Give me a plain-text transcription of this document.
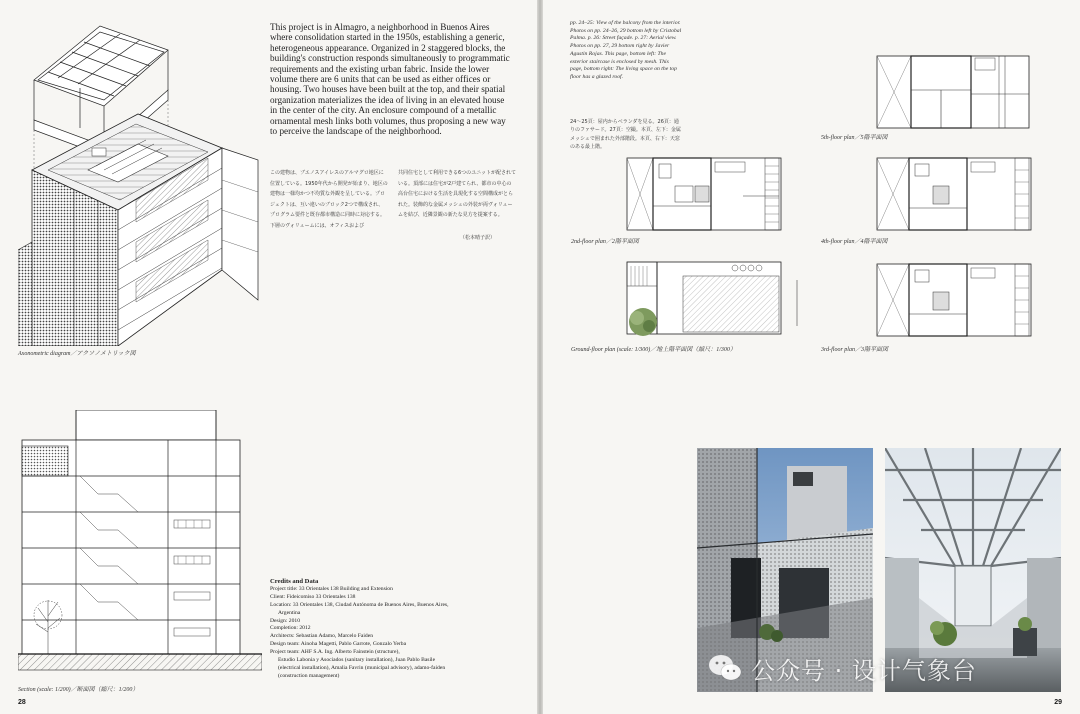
Axonometric diagram／アクソノメトリック図
This project is in Almagro, a neighborhood in Buenos Aires where consolidation started in the 1950s, establishing a generic, heterogeneous appearance. Organized in 2 staggered blocks, the building's construction responds simultaneously to programmatic requirements and the existing urban fabric. Inside the lower volume there are 6 units that can be used as either offices or housing. Two houses have been built at the top, and their spatial organization materializes the idea of living in an elevated house in the center of the city. An enclosure compound of a metallic ornamental mesh links both volumes, thus proposing a new way to perceive the landscape of the neighborhood.
この建物は、ブエノスアイレスのアルマグロ地区に位置している。1950年代から開発が始まり、地区の建物は一様均かつ不均質な外観を呈している。プロジェクトは、互い違いのブロック2つで構成され、プログラム要件と既存都市構造に同時に対応する。下層のヴォリュームには、オフィスおよび
共同住宅として利用できる6つのユニットが配されている。頂部には住宅が2戸建てられ、都市の中心の高台住宅における生活を具現化する空間構成がとられた。装飾的な金属メッシュの外装が両ヴォリュームを結び、近隣景観の新たな見方を提案する。
（松本晴子訳）
Section (scale: 1/200)／断面図（縮尺：1/200）
Credits and Data
Project title: 33 Orientales 138 Building and Extension
Client: Fideicomiso 33 Orientales 138
Location: 33 Orientales 138, Ciudad Autónoma de Buenos Aires, Buenos Aires,
Argentina
Design: 2010
Completion: 2012
Architects: Sebastian Adamo, Marcelo Faiden
Design team: Ainoha Magetti, Pablo Garrote, Gonzalo Yerba
Project team: AHF S.A. Ing. Alberto Fainstein (structure),
Estudio Labonia y Asociados (sanitary installation), Juan Pablo Basile
(electrical installation), Amalia Favrin (municipal advisory), adamo-faiden
(construction management)
28
pp. 24–25: View of the balcony from the interior. Photos on pp. 24–26, 29 bottom left by Cristobal Palma. p. 26: Street façade. p. 27: Aerial view. Photos on pp. 27, 29 bottom right by Javier Agustin Rojas. This page, bottom left: The exterior staircase is enclosed by mesh. This page, bottom right: The living space on the top floor has a glazed roof.
24～25頁：屋内からベランダを見る。26頁：通りのファサード。27頁：空撮。本頁、左下：金属メッシュで囲まれた外部階段。本頁、右下：天窓のある最上階。
5th-floor plan／5階平面図
2nd-floor plan／2階平面図	4th-floor plan／4階平面図
Ground-floor plan (scale: 1/300)／地上階平面図（縮尺：1/300）	3rd-floor plan／3階平面図
29
公众号 · 设计气象台
